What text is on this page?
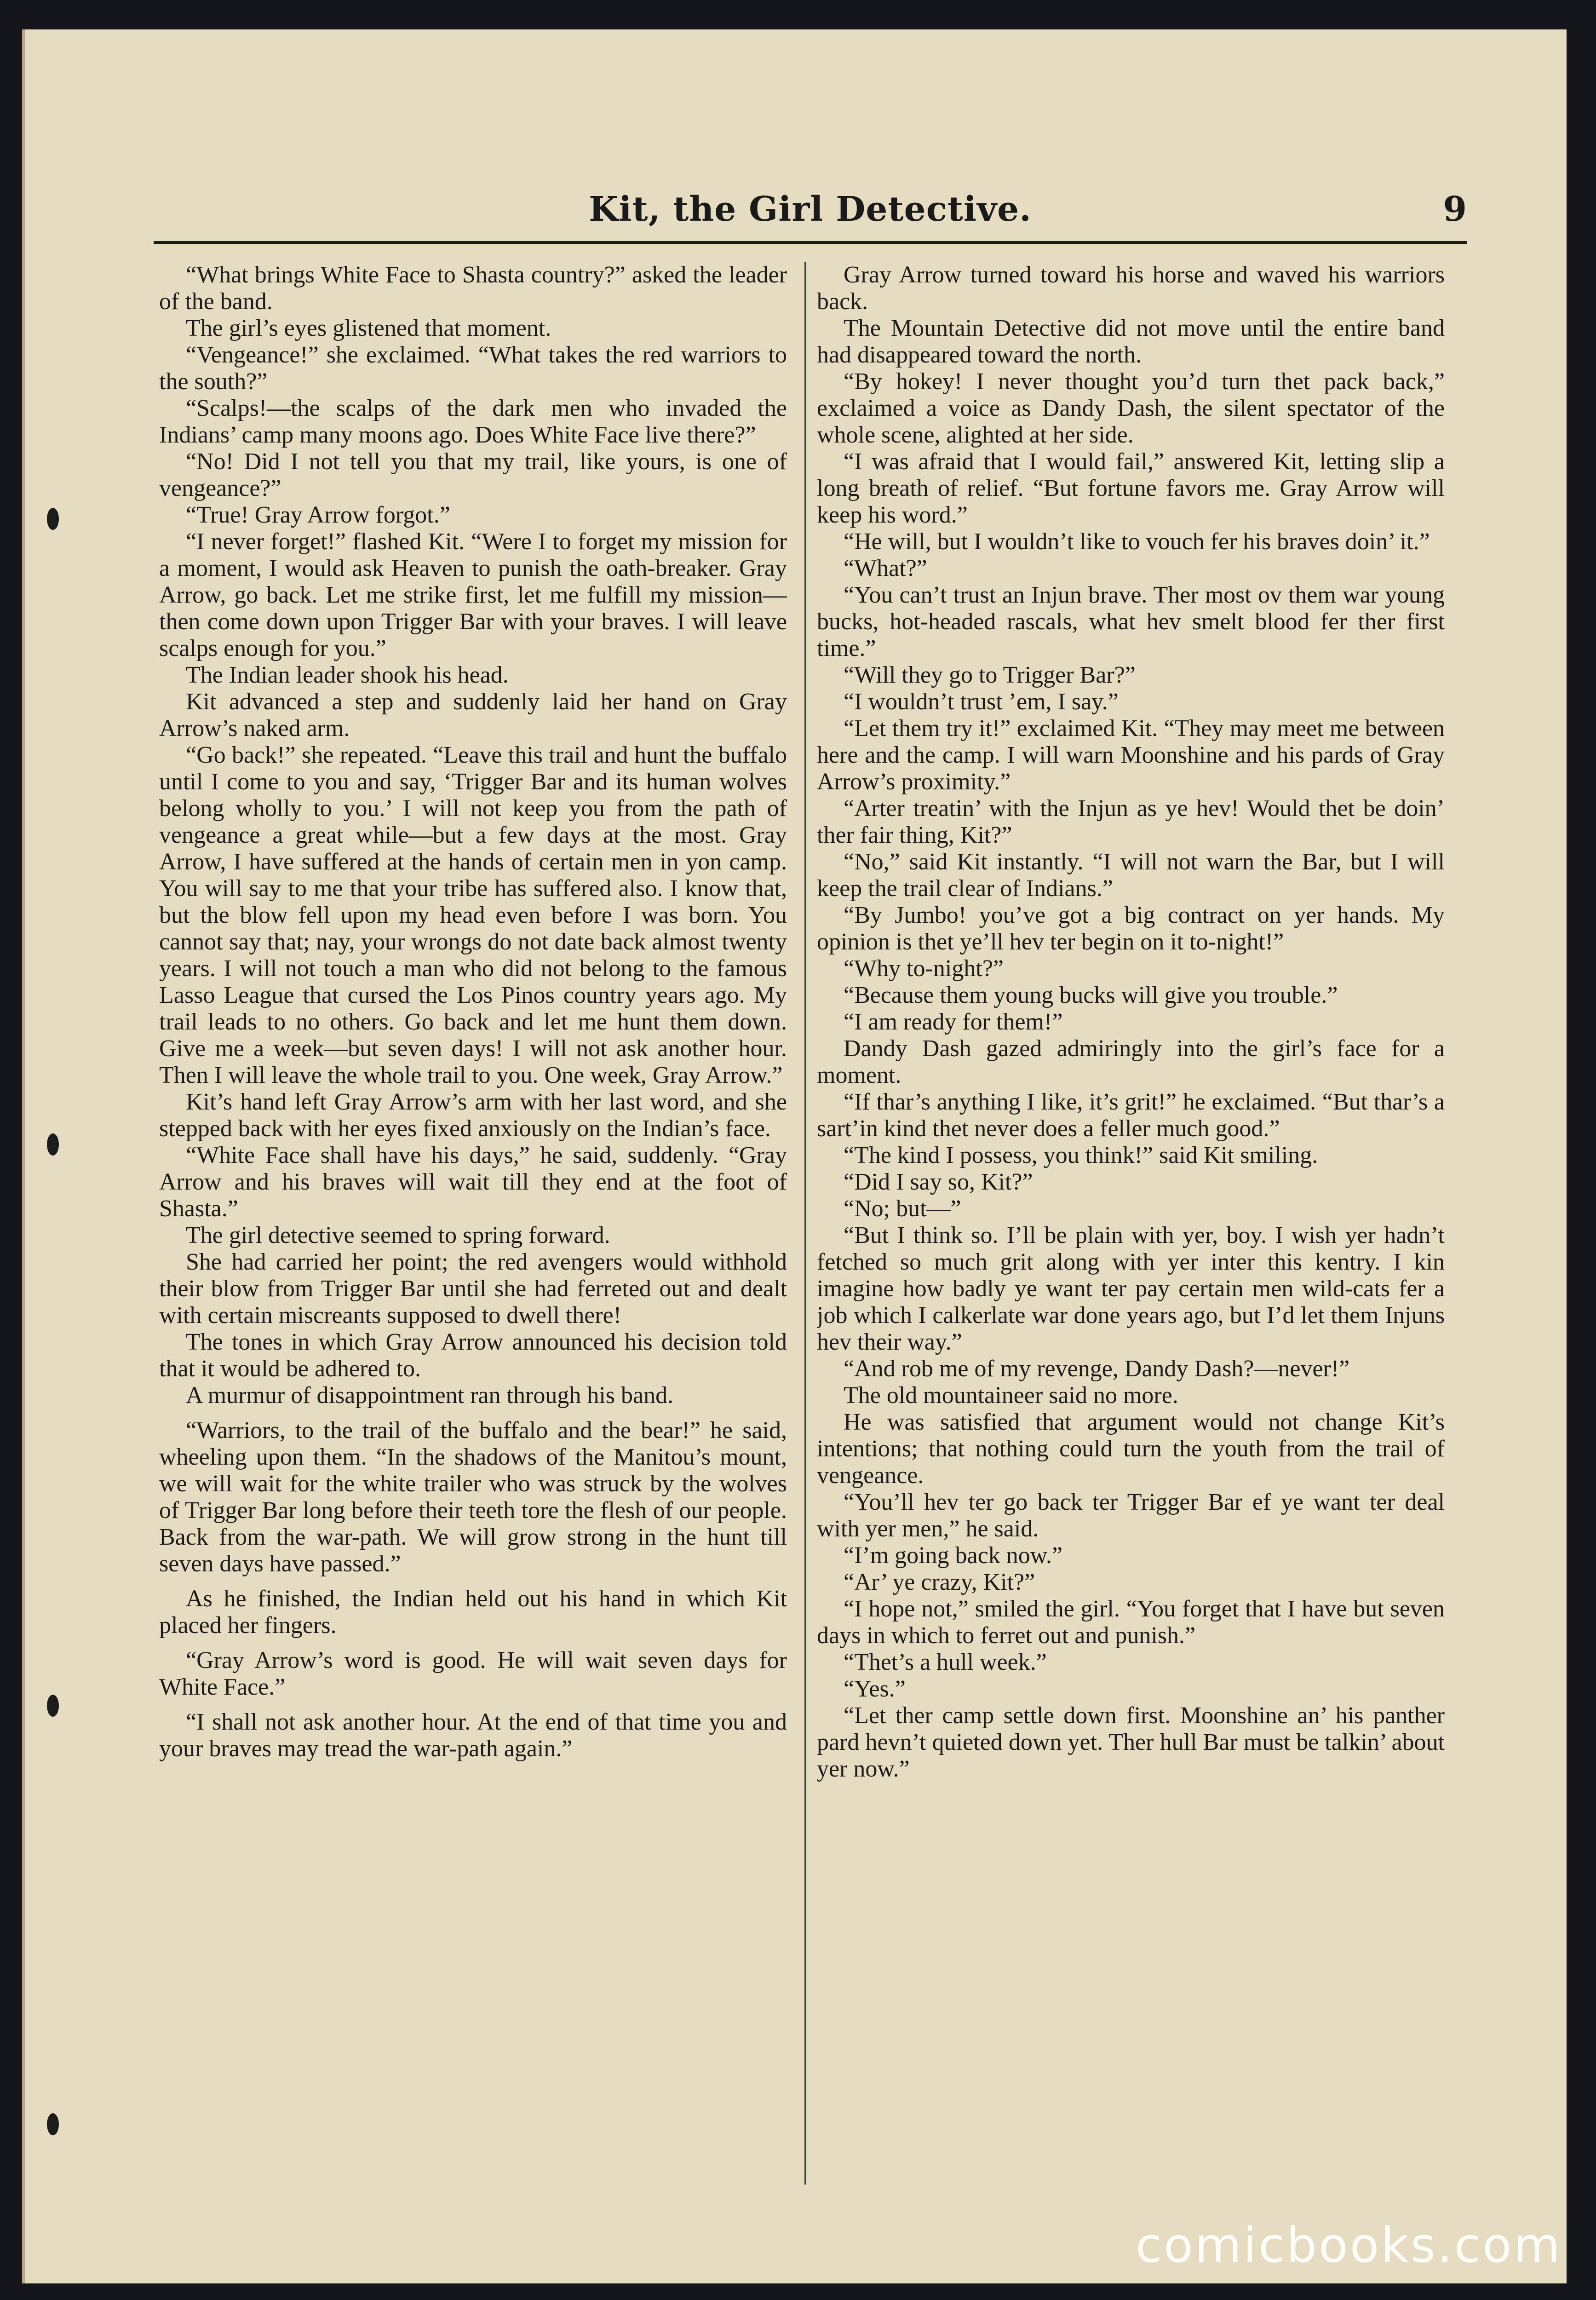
Kit, the Girl Detective.	9

“What brings White Face to Shasta country?” asked the leader of the band.

The girl’s eyes glistened that moment.

“Vengeance!” she exclaimed. “What takes the red warriors to the south?”

“Scalps!—the scalps of the dark men who invaded the Indians’ camp many moons ago. Does White Face live there?”

“No! Did I not tell you that my trail, like yours, is one of vengeance?”

“True! Gray Arrow forgot.”

“I never forget!” flashed Kit. “Were I to forget my mission for a moment, I would ask Heaven to punish the oath-breaker. Gray Arrow, go back. Let me strike first, let me fulfill my mission—then come down upon Trigger Bar with your braves. I will leave scalps enough for you.”

The Indian leader shook his head.

Kit advanced a step and suddenly laid her hand on Gray Arrow’s naked arm.

“Go back!” she repeated. “Leave this trail and hunt the buffalo until I come to you and say, ‘Trigger Bar and its human wolves belong wholly to you.’ I will not keep you from the path of vengeance a great while—but a few days at the most. Gray Arrow, I have suffered at the hands of certain men in yon camp. You will say to me that your tribe has suffered also. I know that, but the blow fell upon my head even before I was born. You cannot say that; nay, your wrongs do not date back almost twenty years. I will not touch a man who did not belong to the famous Lasso League that cursed the Los Pinos country years ago. My trail leads to no others. Go back and let me hunt them down. Give me a week—but seven days! I will not ask another hour. Then I will leave the whole trail to you. One week, Gray Arrow.”

Kit’s hand left Gray Arrow’s arm with her last word, and she stepped back with her eyes fixed anxiously on the Indian’s face.

“White Face shall have his days,” he said, suddenly. “Gray Arrow and his braves will wait till they end at the foot of Shasta.”

The girl detective seemed to spring forward.

She had carried her point; the red avengers would withhold their blow from Trigger Bar until she had ferreted out and dealt with certain miscreants supposed to dwell there!

The tones in which Gray Arrow announced his decision told that it would be adhered to.

A murmur of disappointment ran through his band.

“Warriors, to the trail of the buffalo and the bear!” he said, wheeling upon them. “In the shadows of the Manitou’s mount, we will wait for the white trailer who was struck by the wolves of Trigger Bar long before their teeth tore the flesh of our people. Back from the war-path. We will grow strong in the hunt till seven days have passed.”

As he finished, the Indian held out his hand in which Kit placed her fingers.

“Gray Arrow’s word is good. He will wait seven days for White Face.”

“I shall not ask another hour. At the end of that time you and your braves may tread the war-path again.”

Gray Arrow turned toward his horse and waved his warriors back.

The Mountain Detective did not move until the entire band had disappeared toward the north.

“By hokey! I never thought you’d turn thet pack back,” exclaimed a voice as Dandy Dash, the silent spectator of the whole scene, alighted at her side.

“I was afraid that I would fail,” answered Kit, letting slip a long breath of relief. “But fortune favors me. Gray Arrow will keep his word.”

“He will, but I wouldn’t like to vouch fer his braves doin’ it.”

“What?”

“You can’t trust an Injun brave. Ther most ov them war young bucks, hot-headed rascals, what hev smelt blood fer ther first time.”

“Will they go to Trigger Bar?”

“I wouldn’t trust ’em, I say.”

“Let them try it!” exclaimed Kit. “They may meet me between here and the camp. I will warn Moonshine and his pards of Gray Arrow’s proximity.”

“Arter treatin’ with the Injun as ye hev! Would thet be doin’ ther fair thing, Kit?”

“No,” said Kit instantly. “I will not warn the Bar, but I will keep the trail clear of Indians.”

“By Jumbo! you’ve got a big contract on yer hands. My opinion is thet ye’ll hev ter begin on it to-night!”

“Why to-night?”

“Because them young bucks will give you trouble.”

“I am ready for them!”

Dandy Dash gazed admiringly into the girl’s face for a moment.

“If thar’s anything I like, it’s grit!” he exclaimed. “But thar’s a sart’in kind thet never does a feller much good.”

“The kind I possess, you think!” said Kit smiling.

“Did I say so, Kit?”

“No; but—”

“But I think so. I’ll be plain with yer, boy. I wish yer hadn’t fetched so much grit along with yer inter this kentry. I kin imagine how badly ye want ter pay certain men wild-cats fer a job which I calkerlate war done years ago, but I’d let them Injuns hev their way.”

“And rob me of my revenge, Dandy Dash?—never!”

The old mountaineer said no more.

He was satisfied that argument would not change Kit’s intentions; that nothing could turn the youth from the trail of vengeance.

“You’ll hev ter go back ter Trigger Bar ef ye want ter deal with yer men,” he said.

“I’m going back now.”

“Ar’ ye crazy, Kit?”

“I hope not,” smiled the girl. “You forget that I have but seven days in which to ferret out and punish.”

“Thet’s a hull week.”

“Yes.”

“Let ther camp settle down first. Moonshine an’ his panther pard hevn’t quieted down yet. Ther hull Bar must be talkin’ about yer now.”

comicbooks.com
